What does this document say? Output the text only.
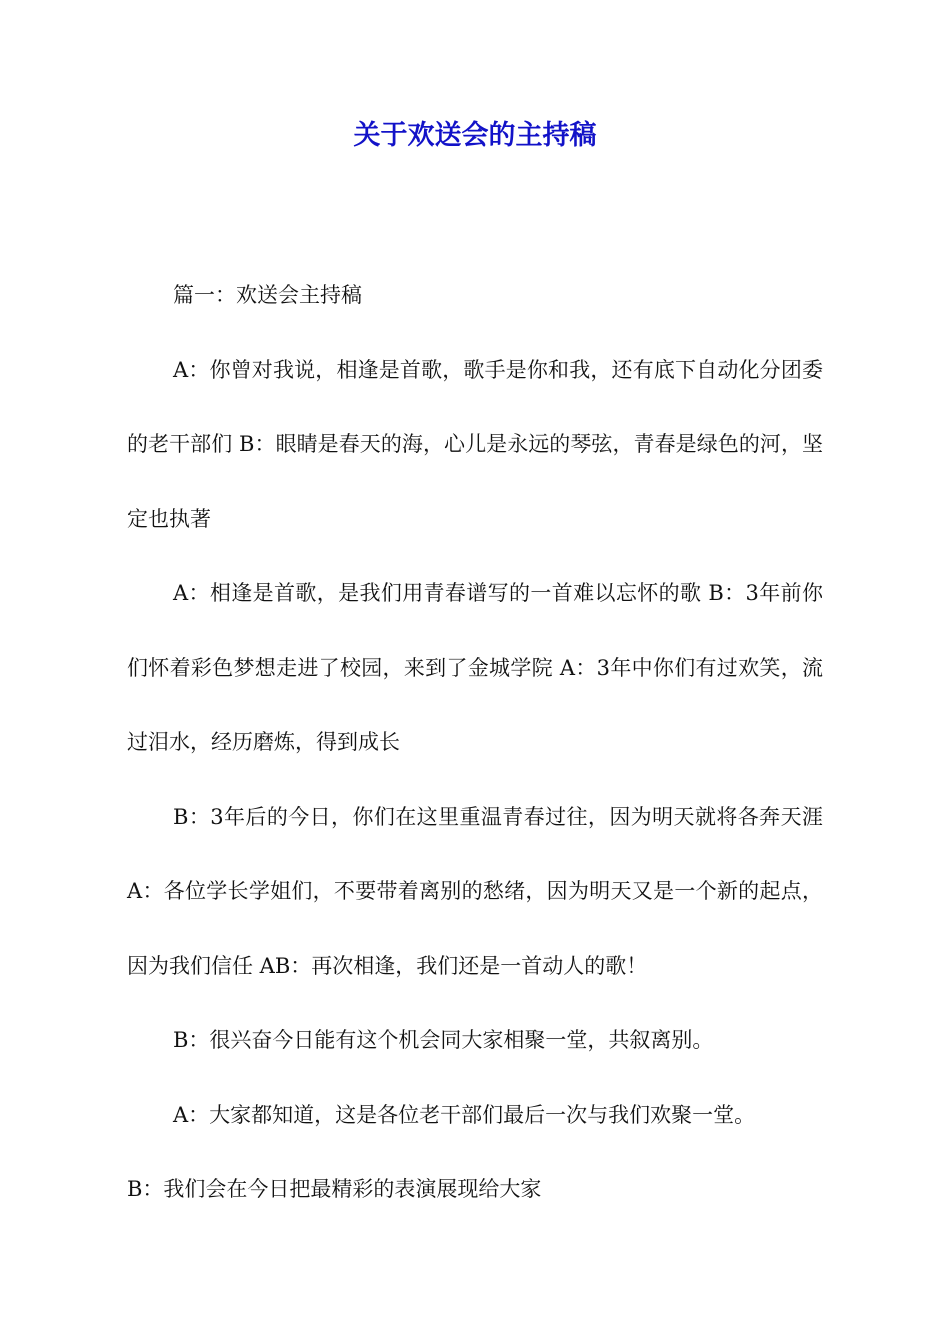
关于欢送会的主持稿

篇一：欢送会主持稿

A：你曾对我说，相逢是首歌，歌手是你和我，还有底下自动化分团委的老干部们 B：眼睛是春天的海，心儿是永远的琴弦，青春是绿色的河，坚定也执著

A：相逢是首歌，是我们用青春谱写的一首难以忘怀的歌 B：3年前你们怀着彩色梦想走进了校园，来到了金城学院 A：3年中你们有过欢笑，流过泪水，经历磨炼，得到成长

B：3年后的今日，你们在这里重温青春过往，因为明天就将各奔天涯 A：各位学长学姐们，不要带着离别的愁绪，因为明天又是一个新的起点，因为我们信任 AB：再次相逢，我们还是一首动人的歌！

B：很兴奋今日能有这个机会同大家相聚一堂，共叙离别。

A：大家都知道，这是各位老干部们最后一次与我们欢聚一堂。

B：我们会在今日把最精彩的表演展现给大家
